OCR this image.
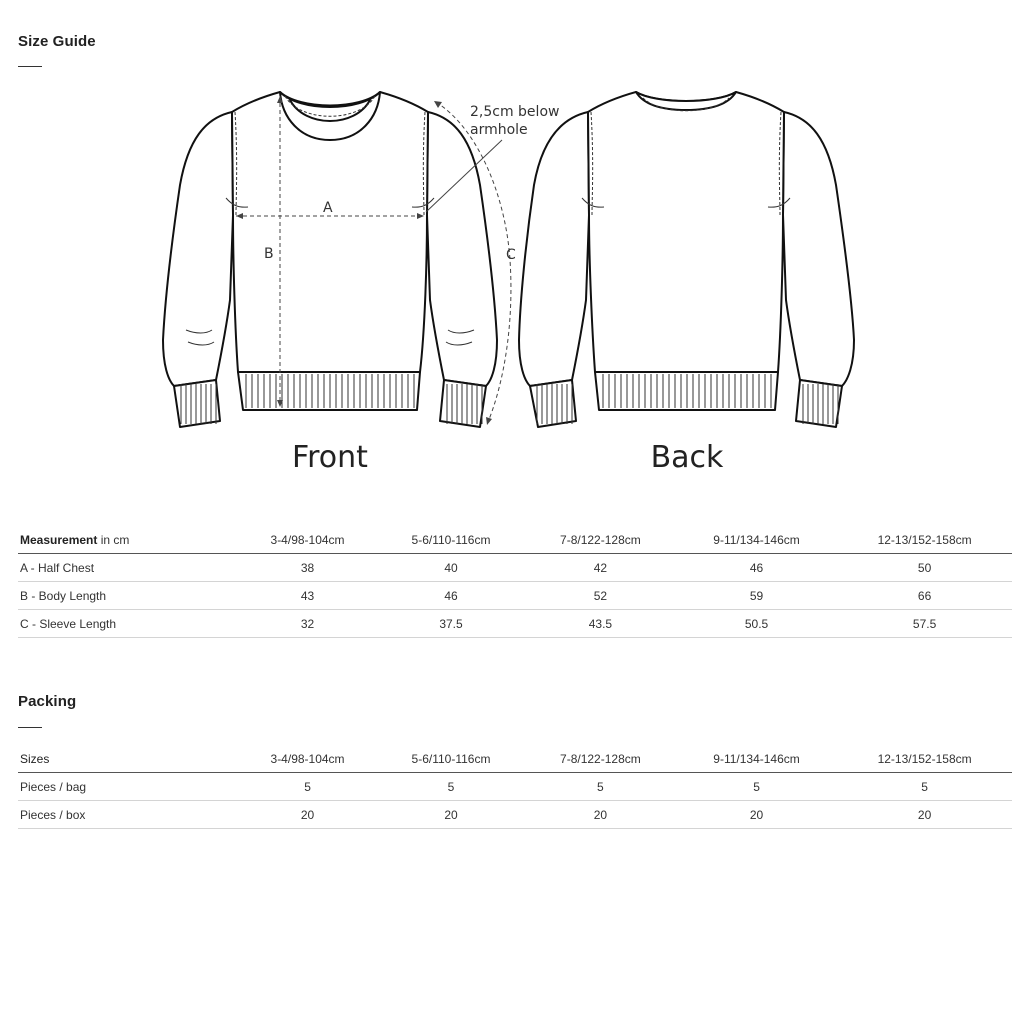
Size Guide
A
B	C
2,5cm below
armhole
Front	Back
Measurement in cm	3-4/98-104cm	5-6/110-116cm	7-8/122-128cm	9-11/134-146cm	12-13/152-158cm
A - Half Chest	38	40	42	46	50
B - Body Length	43	46	52	59	66
C - Sleeve Length	32	37.5	43.5	50.5	57.5
Packing
Sizes	3-4/98-104cm	5-6/110-116cm	7-8/122-128cm	9-11/134-146cm	12-13/152-158cm
Pieces / bag	5	5	5	5	5
Pieces / box	20	20	20	20	20
